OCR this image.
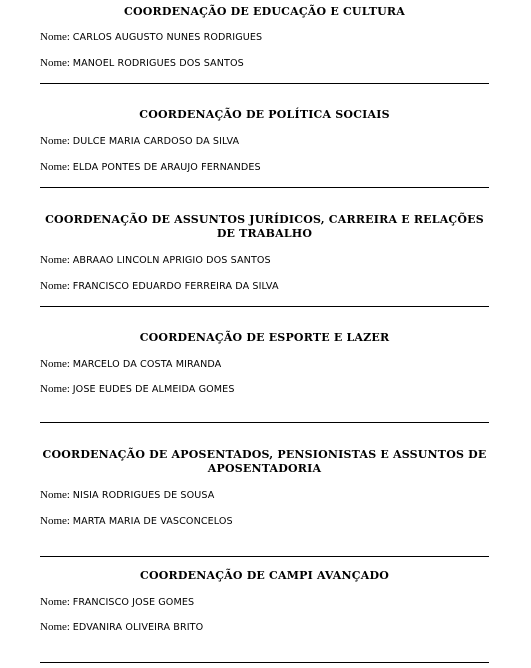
COORDENAÇÃO DE EDUCAÇÃO E CULTURA
Nome: CARLOS AUGUSTO NUNES RODRIGUES
Nome: MANOEL RODRIGUES DOS SANTOS
COORDENAÇÃO DE POLÍTICA SOCIAIS
Nome: DULCE MARIA CARDOSO DA SILVA
Nome: ELDA PONTES DE ARAUJO FERNANDES
COORDENAÇÃO DE ASSUNTOS JURÍDICOS, CARREIRA E RELAÇÕES DE TRABALHO
Nome: ABRAAO LINCOLN APRIGIO DOS SANTOS
Nome: FRANCISCO EDUARDO FERREIRA DA SILVA
COORDENAÇÃO DE ESPORTE E LAZER
Nome: MARCELO DA COSTA MIRANDA
Nome: JOSE EUDES DE ALMEIDA GOMES
COORDENAÇÃO DE APOSENTADOS, PENSIONISTAS E ASSUNTOS DE APOSENTADORIA
Nome: NISIA RODRIGUES DE SOUSA
Nome: MARTA MARIA DE VASCONCELOS
COORDENAÇÃO DE CAMPI AVANÇADO
Nome: FRANCISCO JOSE GOMES
Nome: EDVANIRA OLIVEIRA BRITO
